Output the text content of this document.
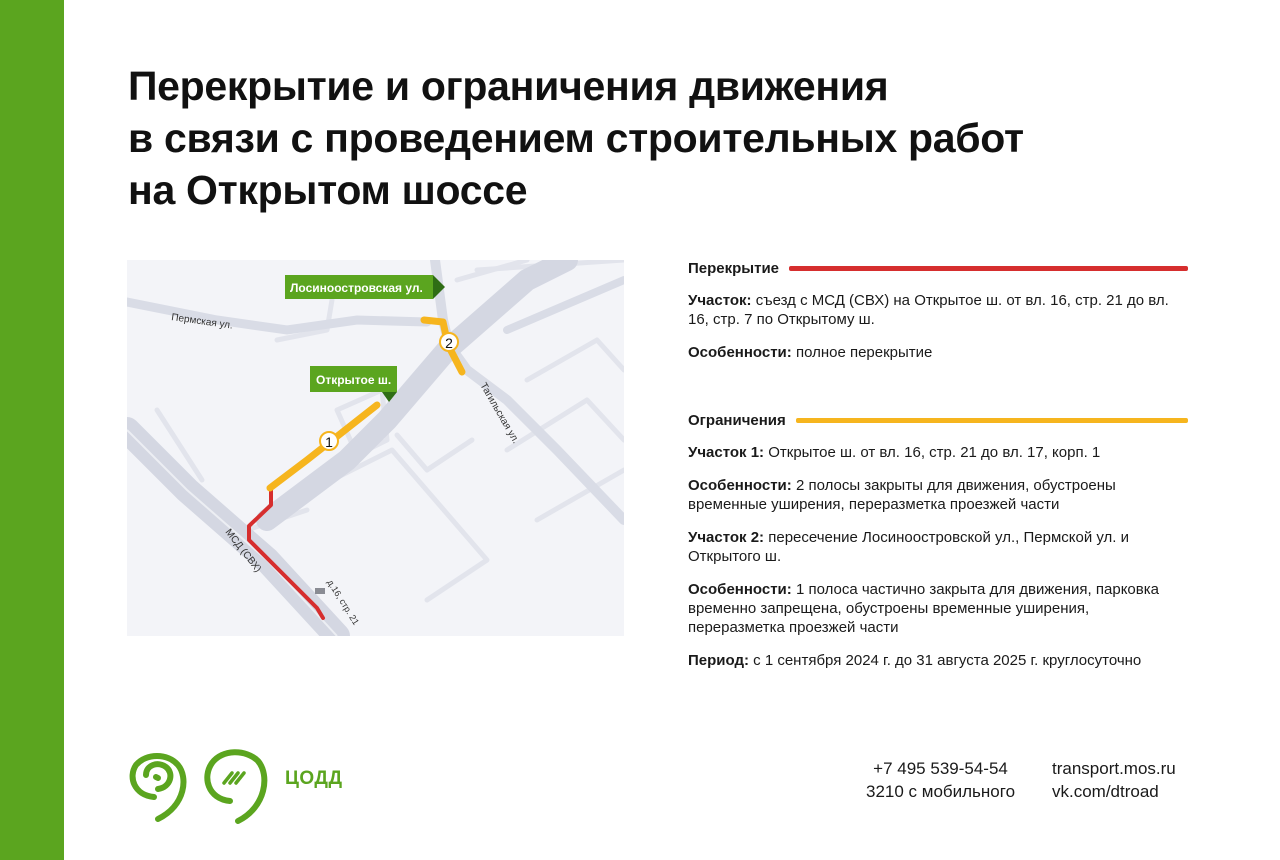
Перекрытие и ограничения движения
в связи с проведением строительных работ
на Открытом шоссе
1
2
Лосиноостровская ул.
Открытое ш.
Пермская ул.
Тагильская ул.
МСД (СВХ)
д.16, стр. 21
Перекрытие

Участок: съезд с МСД (СВХ) на Открытое ш. от вл. 16, стр. 21 до вл. 16, стр. 7 по Открытому ш.

Особенности: полное перекрытие

Ограничения

Участок 1: Открытое ш. от вл. 16, стр. 21 до вл. 17, корп. 1

Особенности: 2 полосы закрыты для движения, обустроены временные уширения, переразметка проезжей части

Участок 2: пересечение Лосиноостровской ул., Пермской ул. и Открытого ш.

Особенности: 1 полоса частично закрыта для движения, парковка временно запрещена, обустроены временные уширения, переразметка проезжей части

Период: с 1 сентября 2024 г. до 31 августа 2025 г. круглосуточно

ЦОДД	+7 495 539-54-54
3210 с мобильного
transport.mos.ru
vk.com/dtroad
